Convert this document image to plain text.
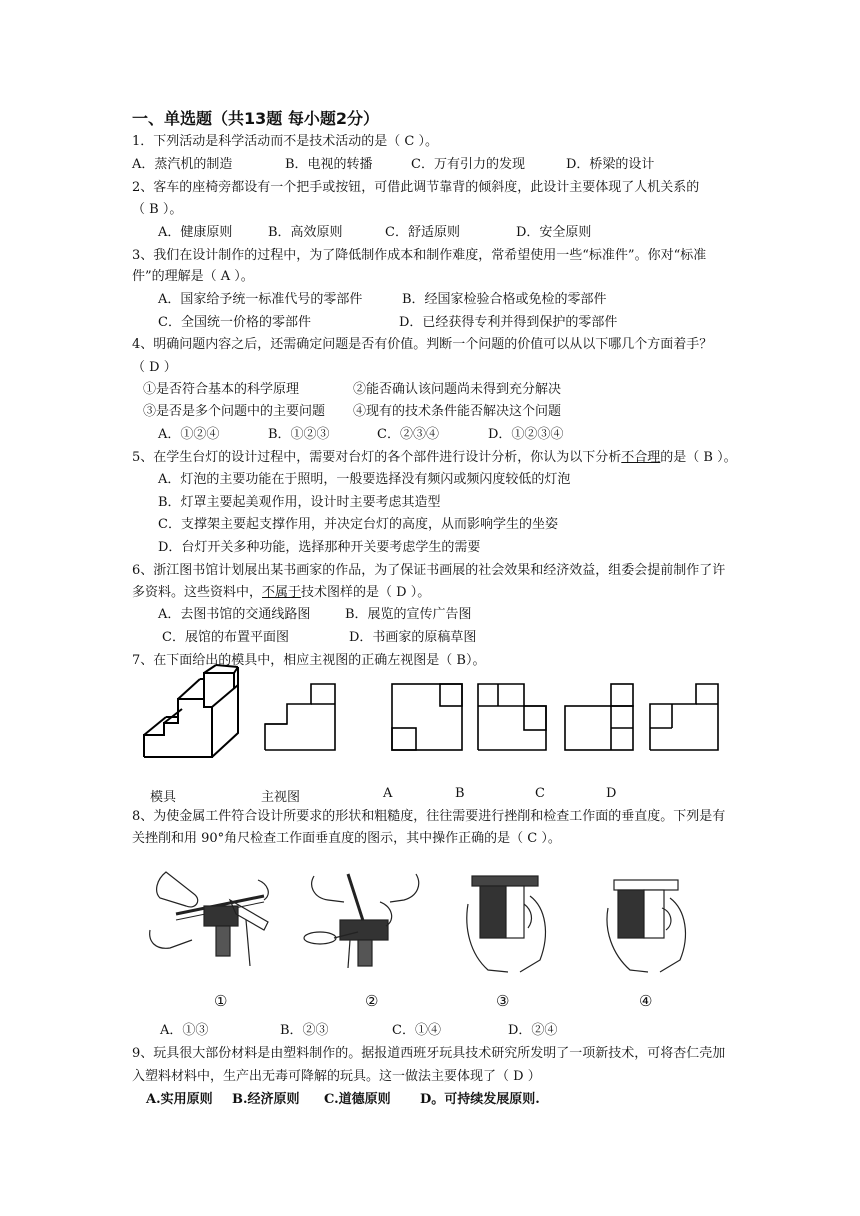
一、单选题（共13题 每小题2分）
1．下列活动是科学活动而不是技术活动的是（ C ）。
A．蒸汽机的制造	B．电视的转播	C．万有引力的发现	D．桥梁的设计
2、客车的座椅旁都设有一个把手或按钮，可借此调节靠背的倾斜度，此设计主要体现了人机关系的
（ B ）。
A．健康原则	B．高效原则	C．舒适原则	D．安全原则
3、我们在设计制作的过程中，为了降低制作成本和制作难度，常希望使用一些“标准件”。你对“标准
件”的理解是（ A ）。
A．国家给予统一标准代号的零部件	B．经国家检验合格或免检的零部件
C．全国统一价格的零部件	D．已经获得专利并得到保护的零部件
4、明确问题内容之后，还需确定问题是否有价值。判断一个问题的价值可以从以下哪几个方面着手？
（ D ）
①是否符合基本的科学原理	②能否确认该问题尚未得到充分解决
③是否是多个问题中的主要问题 ④现有的技术条件能否解决这个问题
A．①②④	B．①②③	C．②③④	D．①②③④
5、在学生台灯的设计过程中，需要对台灯的各个部件进行设计分析，你认为以下分析不合理的是（ B ）。
A．灯泡的主要功能在于照明，一般要选择没有频闪或频闪度较低的灯泡
B．灯罩主要起美观作用，设计时主要考虑其造型
C．支撑架主要起支撑作用，并决定台灯的高度，从而影响学生的坐姿
D．台灯开关多种功能，选择那种开关要考虑学生的需要
6、浙江图书馆计划展出某书画家的作品，为了保证书画展的社会效果和经济效益，组委会提前制作了许
多资料。这些资料中，不属于技术图样的是（ D ）。
A．去图书馆的交通线路图	B．展览的宣传广告图
C．展馆的布置平面图	D．书画家的原稿草图
7、在下面给出的模具中，相应主视图的正确左视图是（ B）。
模具	主视图	A	B	C	D
8、为使金属工件符合设计所要求的形状和粗糙度，往往需要进行挫削和检查工作面的垂直度。下列是有
关挫削和用 90°角尺检查工作面垂直度的图示，其中操作正确的是（ C ）。
①	②	③	④
A．①③	B．②③	C．①④	D．②④
9、玩具很大部份材料是由塑料制作的。据报道西班牙玩具技术研究所发明了一项新技术，可将杏仁壳加
入塑料材料中，生产出无毒可降解的玩具。这一做法主要体现了（ D ）
A.实用原则 B.经济原则 C.道德原则 D。可持续发展原则.
